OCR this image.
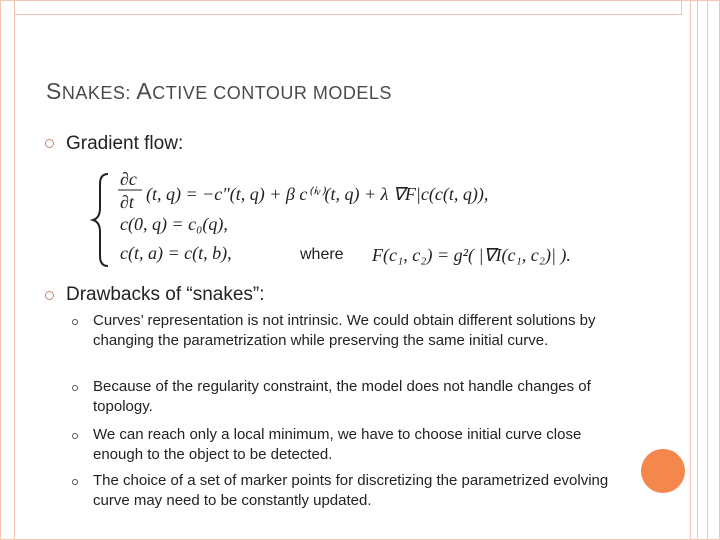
SNAKES: ACTIVE CONTOUR MODELS
Gradient flow:
∂c
∂t (t, q) = −c″(t, q) + β c⁽ⁱᵛ⁾(t, q) + λ ∇F|c(c(t, q)),
c(0, q) = c₀(q),
c(t, a) = c(t, b),	F(c₁, c₂) = g²( |∇I(c₁, c₂)| ).
where
Drawbacks of “snakes”:
Curves’ representation is not intrinsic. We could obtain different solutions by changing the parametrization while preserving the same initial curve.
Because of the regularity constraint, the model does not handle changes of topology.
We can reach only a local minimum, we have to choose initial curve close enough to the object to be detected.
The choice of a set of marker points for discretizing the parametrized evolving curve may need to be constantly updated.
